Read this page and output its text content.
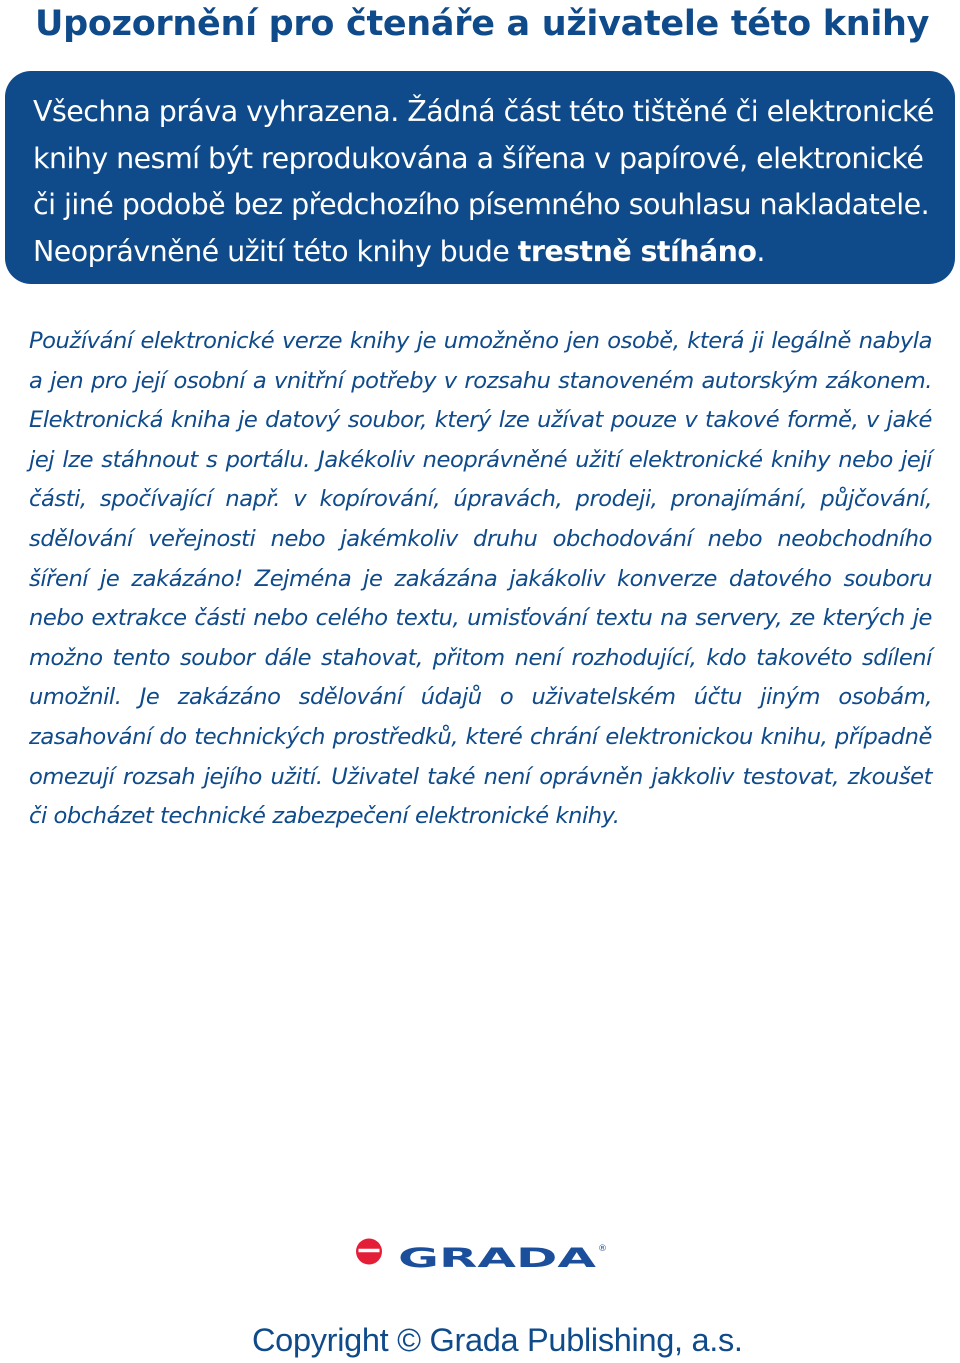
Upozornění pro čtenáře a uživatele této knihy

Všechna práva vyhrazena. Žádná část této tištěné či elektronické knihy nesmí být reprodukována a šířena v papírové, elektronické či jiné podobě bez předchozího písemného souhlasu nakladatele. Neoprávněné užití této knihy bude trestně stíháno.

Používání elektronické verze knihy je umožněno jen osobě, která ji legálně nabyla a jen pro její osobní a vnitřní potřeby v rozsahu stanoveném autorským zákonem. Elektronická kniha je datový soubor, který lze užívat pouze v takové formě, v jaké jej lze stáhnout s portálu. Jakékoliv neoprávněné užití elektronické knihy nebo její části, spočívající např. v kopírování, úpravách, prodeji, pronajímání, půjčování, sdělování veřejnosti nebo jakémkoliv druhu obchodování nebo neobchodního šíření je zakázáno! Zejména je zakázána jakákoliv konverze datového souboru nebo extrakce části nebo celého textu, umisťování textu na servery, ze kterých je možno tento soubor dále stahovat, přitom není rozhodující, kdo takovéto sdílení umožnil. Je zakázáno sdělování údajů o uživatelském účtu jiným osobám, zasahování do technických prostředků, které chrání elektronickou knihu, případně omezují rozsah jejího užití. Uživatel také není oprávněn jakkoliv testovat, zkoušet či obcházet technické zabezpečení elektronické knihy.

GRADA ®

Copyright © Grada Publishing, a.s.
